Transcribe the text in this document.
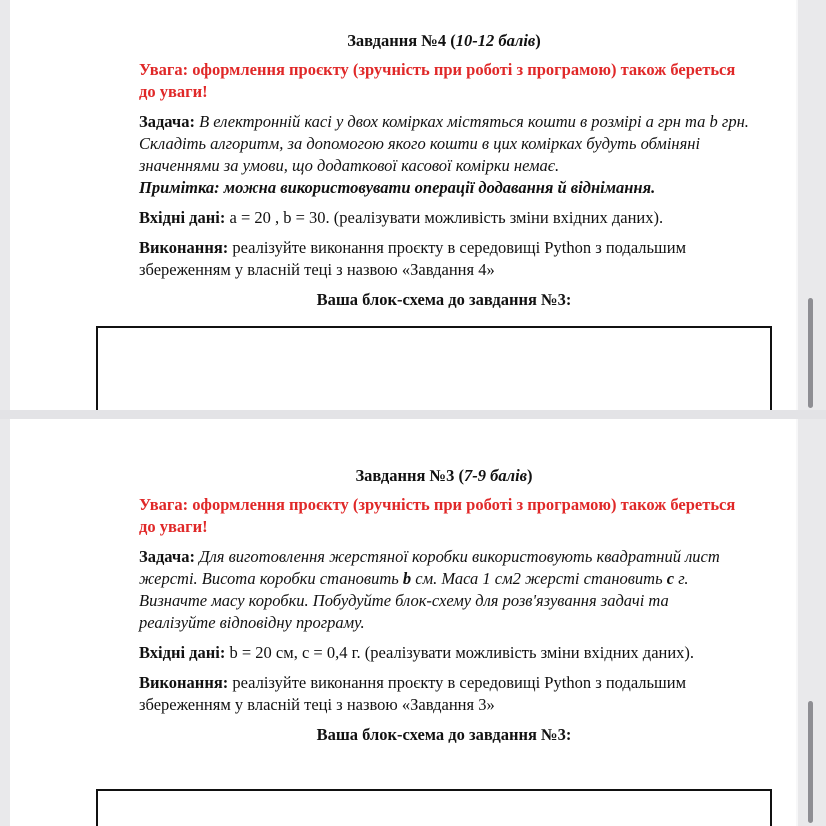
Завдання №4 (10-12 балів)

Увага: оформлення проєкту (зручність при роботі з програмою) також береться до уваги!

Задача: В електронній касі у двох комірках містяться кошти в розмірі а грн та b грн. Складіть алгоритм, за допомогою якого кошти в цих комірках будуть обміняні значеннями за умови, що додаткової касової комірки немає.
Примітка: можна використовувати операції додавання й віднімання.

Вхідні дані: a = 20 , b = 30. (реалізувати можливість зміни вхідних даних).

Виконання: реалізуйте виконання проєкту в середовищі Python з подальшим збереженням у власній теці з назвою «Завдання 4»

Ваша блок-схема до завдання №3:

Завдання №3 (7-9 балів)

Увага: оформлення проєкту (зручність при роботі з програмою) також береться до уваги!

Задача: Для виготовлення жерстяної коробки використовують квадратний лист жерсті. Висота коробки становить b см. Маса 1 см2 жерсті становить c г. Визначте масу коробки. Побудуйте блок-схему для розв'язування задачі та реалізуйте відповідну програму.

Вхідні дані: b = 20 см, c = 0,4 г. (реалізувати можливість зміни вхідних даних).

Виконання: реалізуйте виконання проєкту в середовищі Python з подальшим збереженням у власній теці з назвою «Завдання 3»

Ваша блок-схема до завдання №3:
